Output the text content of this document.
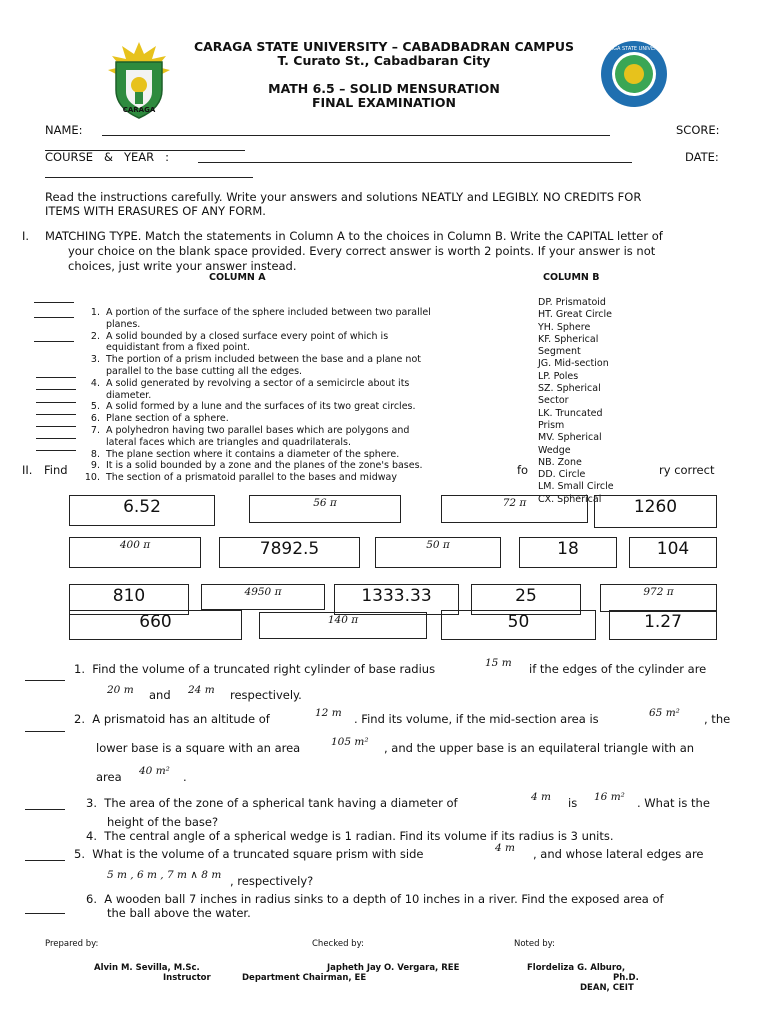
CARAGA
CARAGA STATE UNIVERSITY
CARAGA STATE UNIVERSITY – CABADBADRAN CAMPUS
T. Curato St., Cabadbaran City
MATH 6.5 – SOLID MENSURATION
FINAL EXAMINATION
NAME:	SCORE:
COURSE   &   YEAR   :	DATE:
Read the instructions carefully. Write your answers and solutions NEATLY and LEGIBLY. NO CREDITS FOR
ITEMS WITH ERASURES OF ANY FORM.
I. MATCHING TYPE. Match the statements in Column A to the choices in Column B. Write the CAPITAL letter of
your choice on the blank space provided. Every correct answer is worth 2 points. If your answer is not
choices, just write your answer instead.
COLUMN A	COLUMN B
1. A portion of the surface of the sphere included between two parallel
planes.
2. A solid bounded by a closed surface every point of which is
equidistant from a fixed point.
3. The portion of a prism included between the base and a plane not
parallel to the base cutting all the edges.
4. A solid generated by revolving a sector of a semicircle about its
diameter.
5. A solid formed by a lune and the surfaces of its two great circles.
6. Plane section of a sphere.
7. A polyhedron having two parallel bases which are polygons and
lateral faces which are triangles and quadrilaterals.
8. The plane section where it contains a diameter of the sphere.
9. It is a solid bounded by a zone and the planes of the zone's bases.
10. The section of a prismatoid parallel to the bases and midway
DP. Prismatoid
HT. Great Circle
YH. Sphere
KF. Spherical
Segment
JG. Mid-section
LP. Poles
SZ. Spherical
Sector
LK. Truncated
Prism
MV. Spherical
Wedge
NB. Zone
DD. Circle
LM. Small Circle
CX. Spherical
II. Find	fo	ry correct
6.52	56 π	72 π	1260
400 π	7892.5	50 π	18	104
810	4950 π	1333.33	25	972 π
660	140 π	50	1.27
1. Find the volume of a truncated right cylinder of base radius	15 m if the edges of the cylinder are
20 m and 24 m respectively.
2. A prismatoid has an altitude of	12 m . Find its volume, if the mid-section area is	65 m² , the
lower base is a square with an area	105 m² , and the upper base is an equilateral triangle with an
area 40 m² .
3. The area of the zone of a spherical tank having a diameter of	4 m is 16 m² . What is the
height of the base?
4. The central angle of a spherical wedge is 1 radian. Find its volume if its radius is 3 units.
5. What is the volume of a truncated square prism with side	4 m , and whose lateral edges are
5 m , 6 m , 7 m ∧ 8 m , respectively?
6. A wooden ball 7 inches in radius sinks to a depth of 10 inches in a river. Find the exposed area of
the ball above the water.
Prepared by:	Checked by:	Noted by:
Alvin M. Sevilla, M.Sc.
Instructor
Japheth Jay O. Vergara, REE
Department Chairman, EE
Flordeliza G. Alburo,
Ph.D.
DEAN, CEIT
